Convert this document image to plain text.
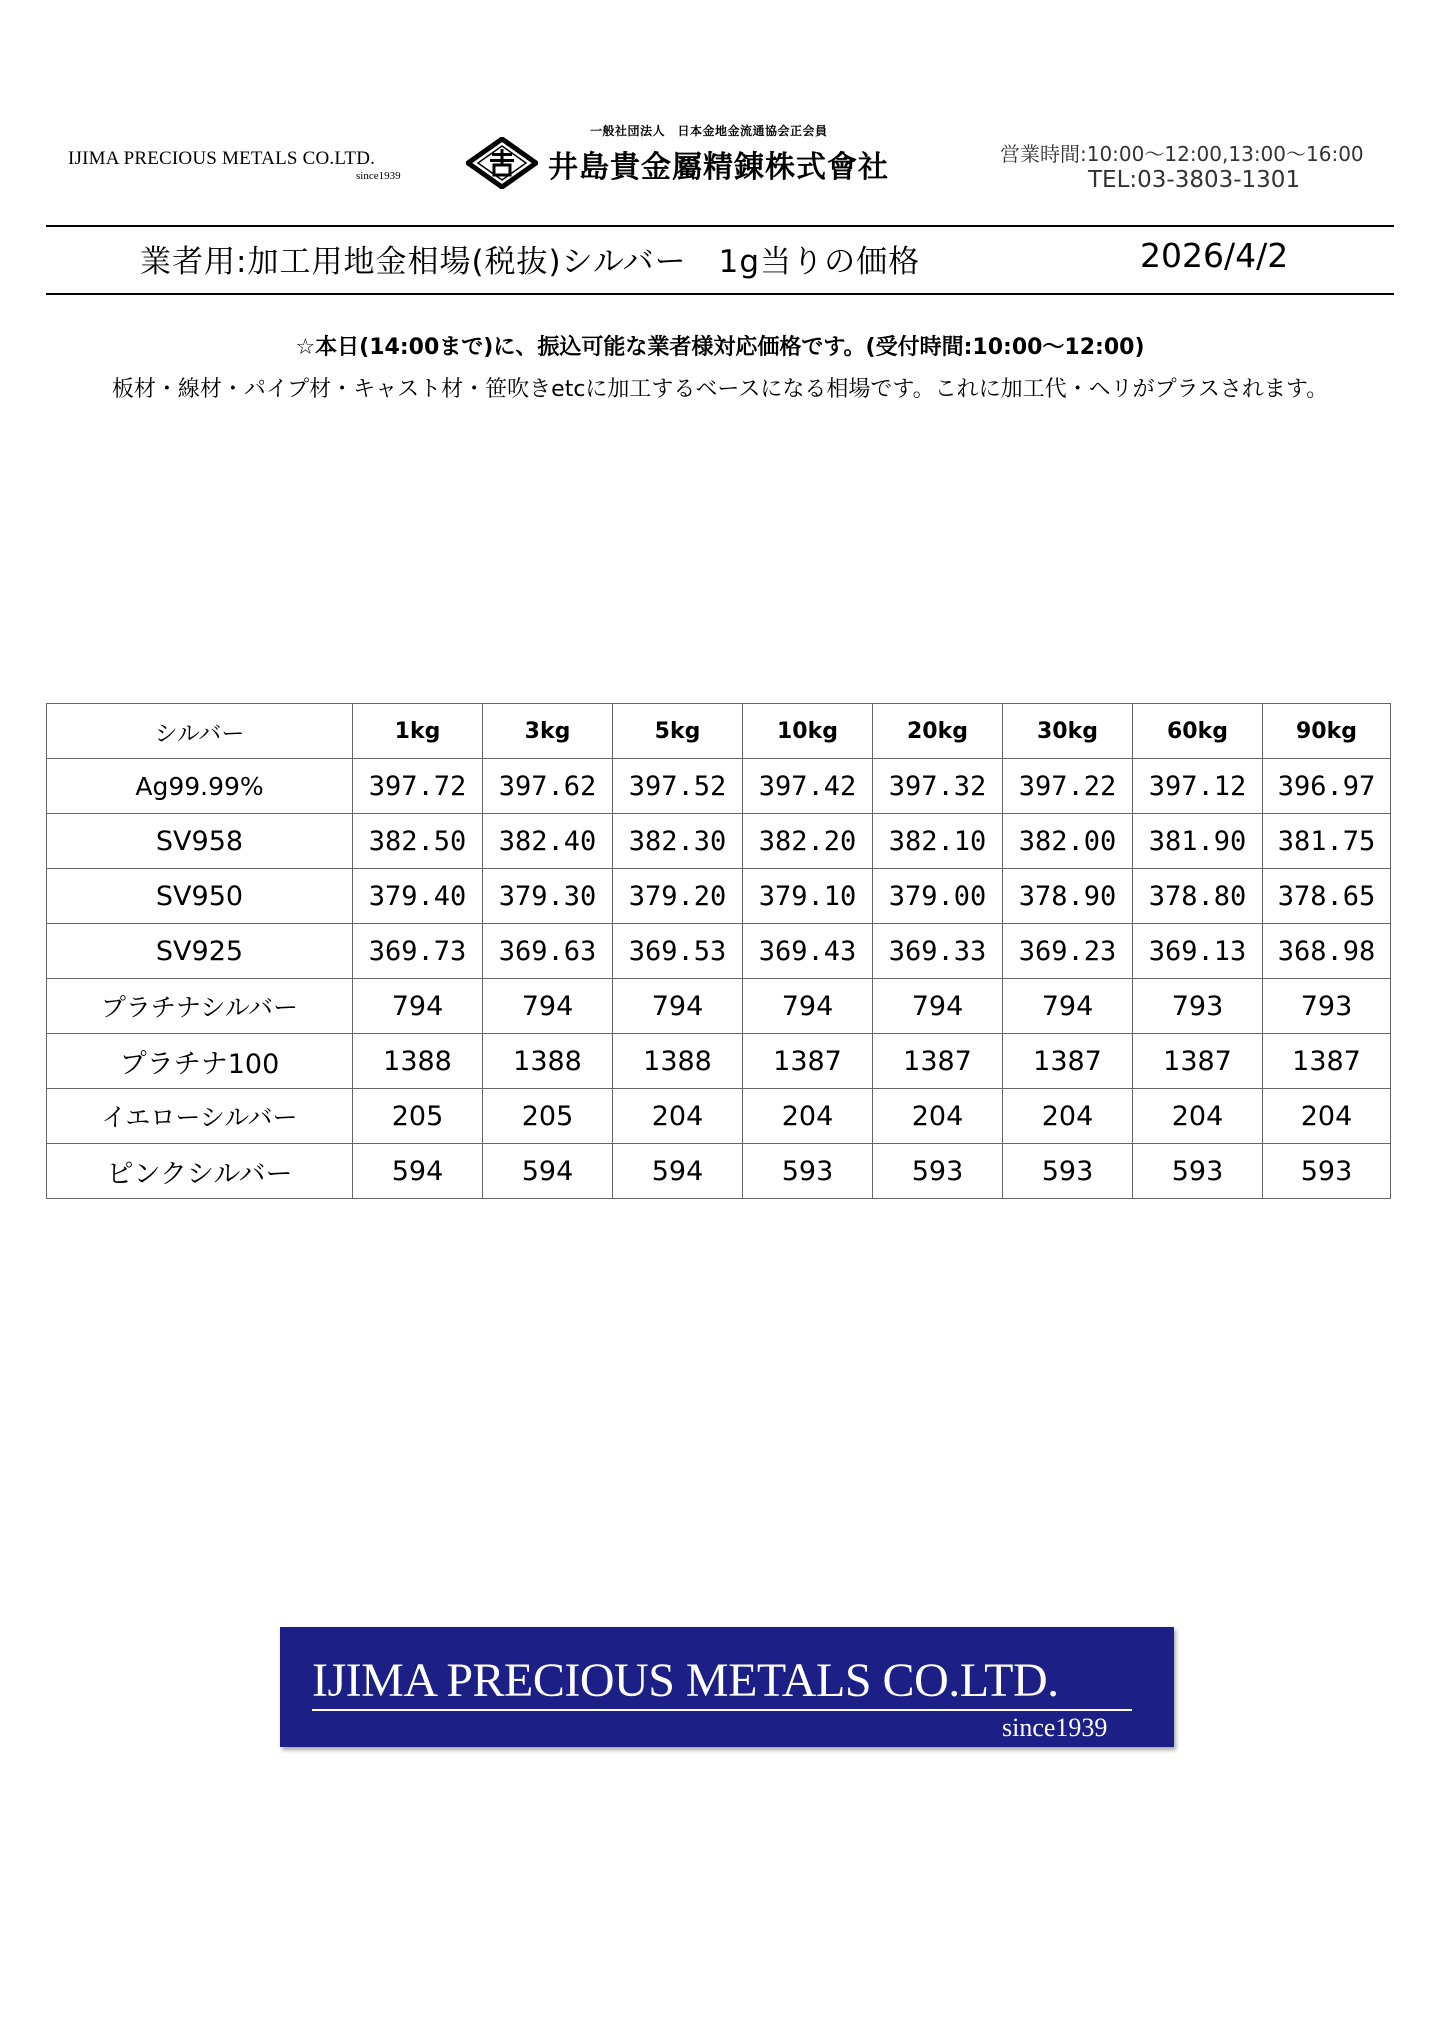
IJIMA PRECIOUS METALS CO.LTD.
since1939
一般社団法人　日本金地金流通協会正会員
井島貴金屬精錬株式會社	営業時間:10:00～12:00,13:00～16:00
TEL:03-3803-1301
業者用:加工用地金相場(税抜)シルバー　1g当りの価格	2026/4/2
☆本日(14:00まで)に、振込可能な業者様対応価格です。(受付時間:10:00～12:00)
板材・線材・パイプ材・キャスト材・笹吹きetcに加工するベースになる相場です。これに加工代・ヘリがプラスされます。
シルバー	1kg	3kg	5kg	10kg	20kg	30kg	60kg	90kg
Ag99.99%	397.72	397.62	397.52	397.42	397.32	397.22	397.12	396.97
SV958	382.50	382.40	382.30	382.20	382.10	382.00	381.90	381.75
SV950	379.40	379.30	379.20	379.10	379.00	378.90	378.80	378.65
SV925	369.73	369.63	369.53	369.43	369.33	369.23	369.13	368.98
プラチナシルバー	794	794	794	794	794	794	793	793
プラチナ100	1388	1388	1388	1387	1387	1387	1387	1387
イエローシルバー	205	205	204	204	204	204	204	204
ピンクシルバー	594	594	594	593	593	593	593	593
IJIMA PRECIOUS METALS CO.LTD.
since1939
